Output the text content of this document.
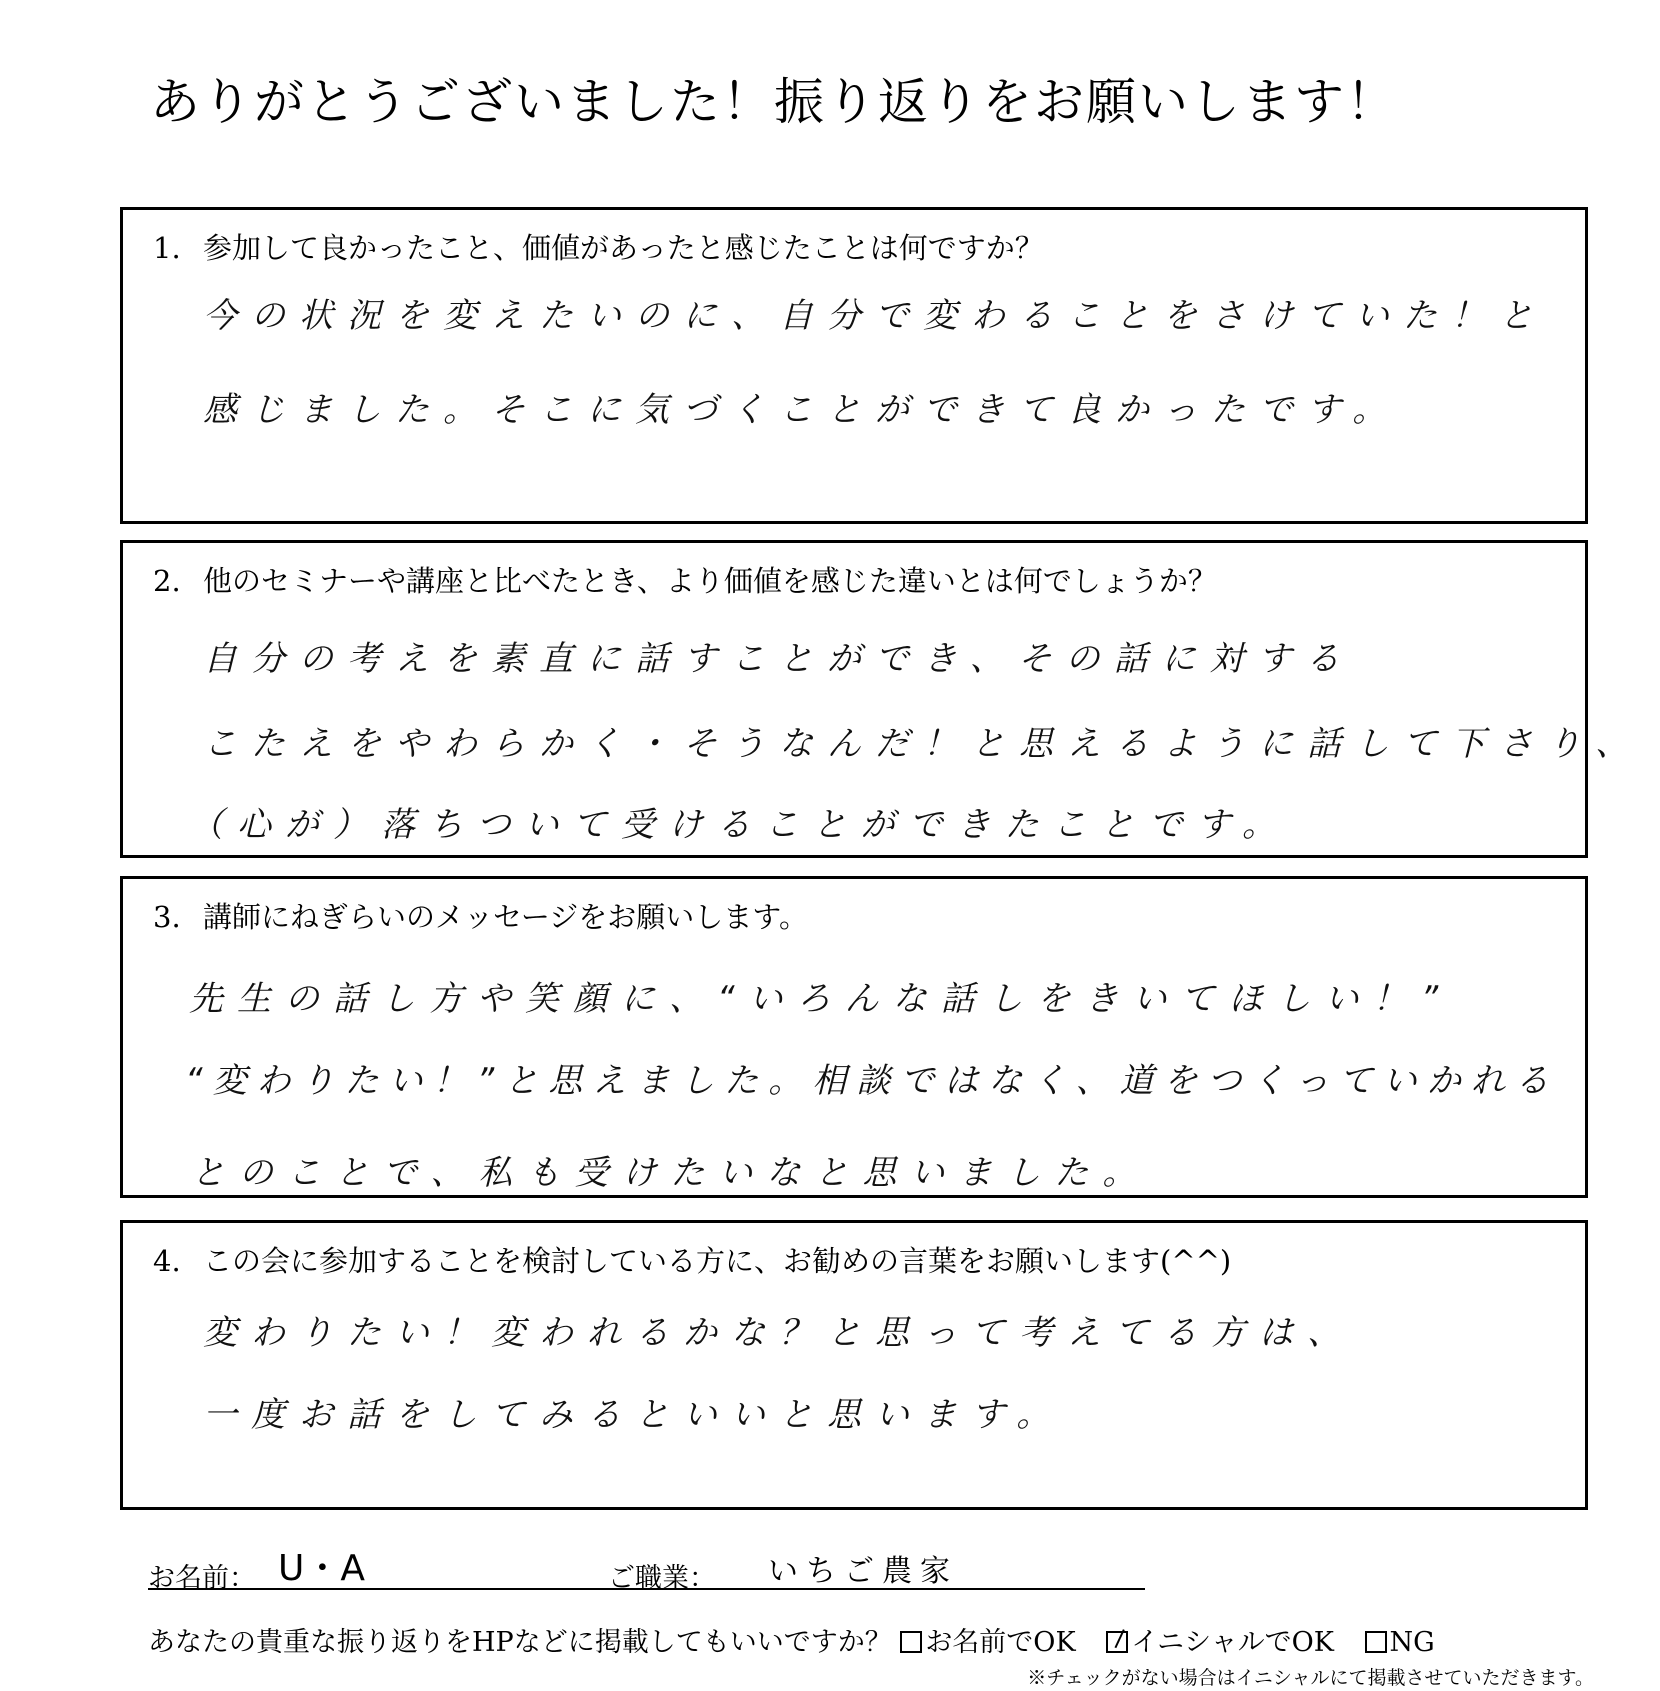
ありがとうございました！振り返りをお願いします！
1. 参加して良かったこと、価値があったと感じたことは何ですか？
今の状況を変えたいのに、自分で変わることをさけていた！と
感じました。そこに気づくことができて良かったです。
2. 他のセミナーや講座と比べたとき、より価値を感じた違いとは何でしょうか？
自分の考えを素直に話すことができ、その話に対する
こたえをやわらかく・そうなんだ！と思えるように話して下さり、
（心が）落ちついて受けることができたことです。
3. 講師にねぎらいのメッセージをお願いします。
先生の話し方や笑顔に、“いろんな話しをきいてほしい！”
“変わりたい！”と思えました。相談ではなく、道をつくっていかれる
とのことで、私も受けたいなと思いました。
4. この会に参加することを検討している方に、お勧めの言葉をお願いします(^^)
変わりたい！変われるかな？と思って考えてる方は、
一度お話をしてみるといいと思います。
お名前： U・A	ご職業： いちご農家
あなたの貴重な振り返りをHPなどに掲載してもいいですか？ お名前でOK イニシャルでOK NG
※チェックがない場合はイニシャルにて掲載させていただきます。
